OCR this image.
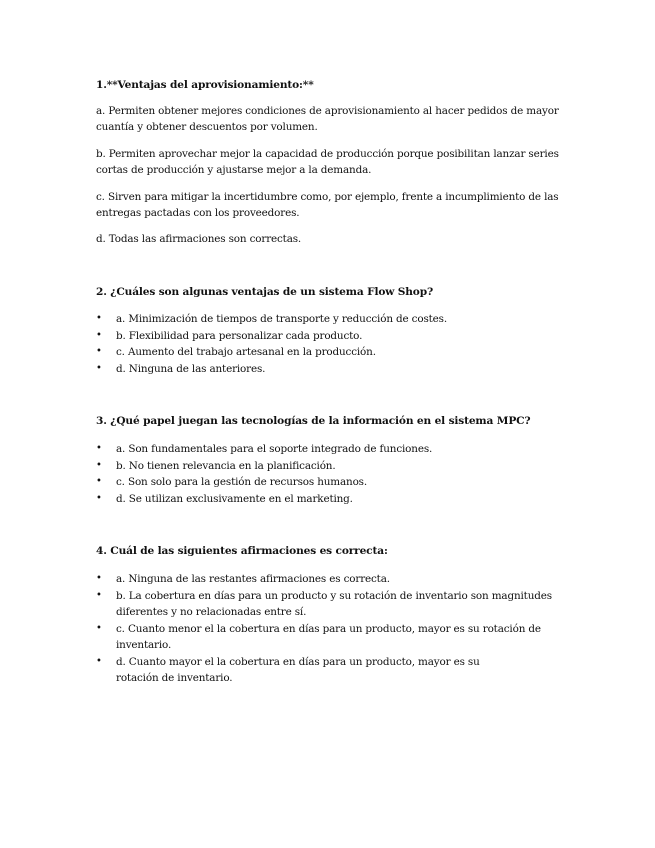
1.**Ventajas del aprovisionamiento:**
a. Permiten obtener mejores condiciones de aprovisionamiento al hacer pedidos de mayor cuantía y obtener descuentos por volumen.
b. Permiten aprovechar mejor la capacidad de producción porque posibilitan lanzar series cortas de producción y ajustarse mejor a la demanda.
c. Sirven para mitigar la incertidumbre como, por ejemplo, frente a incumplimiento de las entregas pactadas con los proveedores.
d. Todas las afirmaciones son correctas.
2. ¿Cuáles son algunas ventajas de un sistema Flow Shop?
• a. Minimización de tiempos de transporte y reducción de costes.
• b. Flexibilidad para personalizar cada producto.
• c. Aumento del trabajo artesanal en la producción.
• d. Ninguna de las anteriores.
3. ¿Qué papel juegan las tecnologías de la información en el sistema MPC?
• a. Son fundamentales para el soporte integrado de funciones.
• b. No tienen relevancia en la planificación.
• c. Son solo para la gestión de recursos humanos.
• d. Se utilizan exclusivamente en el marketing.
4. Cuál de las siguientes afirmaciones es correcta:
• a. Ninguna de las restantes afirmaciones es correcta.
• b. La cobertura en días para un producto y su rotación de inventario son magnitudes diferentes y no relacionadas entre sí.
• c. Cuanto menor el la cobertura en días para un producto, mayor es su rotación de inventario.
• d. Cuanto mayor el la cobertura en días para un producto, mayor es su rotación de inventario.
